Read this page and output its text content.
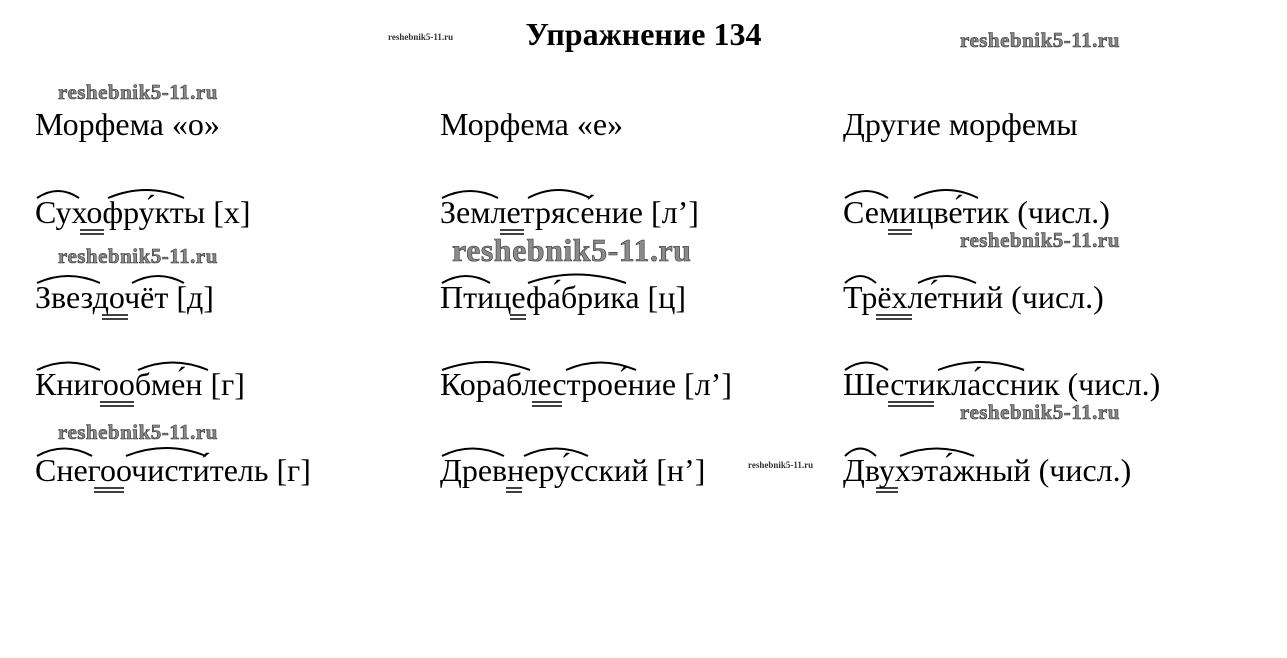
Упражнение 134
reshebnik5-11.ru	reshebnik5-11.ru
reshebnik5-11.ru
reshebnik5-11.ru
reshebnik5-11.ru	reshebnik5-11.ru
reshebnik5-11.ru
reshebnik5-11.ru
reshebnik5-11.ru
Морфема «о»	Морфема «е»	Другие морфемы
Сухофру́кты [х]	Землетрясе́ние [л’]	Семицве́тик (числ.)
Звездочёт [д]	Птицефа́брика [ц]	Трёхле́тний (числ.)
Книгообме́н [г]	Кораблестрое́ние [л’]	Шестикла́ссник (числ.)
Снегоочисти́тель [г]	Древнеру́сский [н’]	Двухэта́жный (числ.)
